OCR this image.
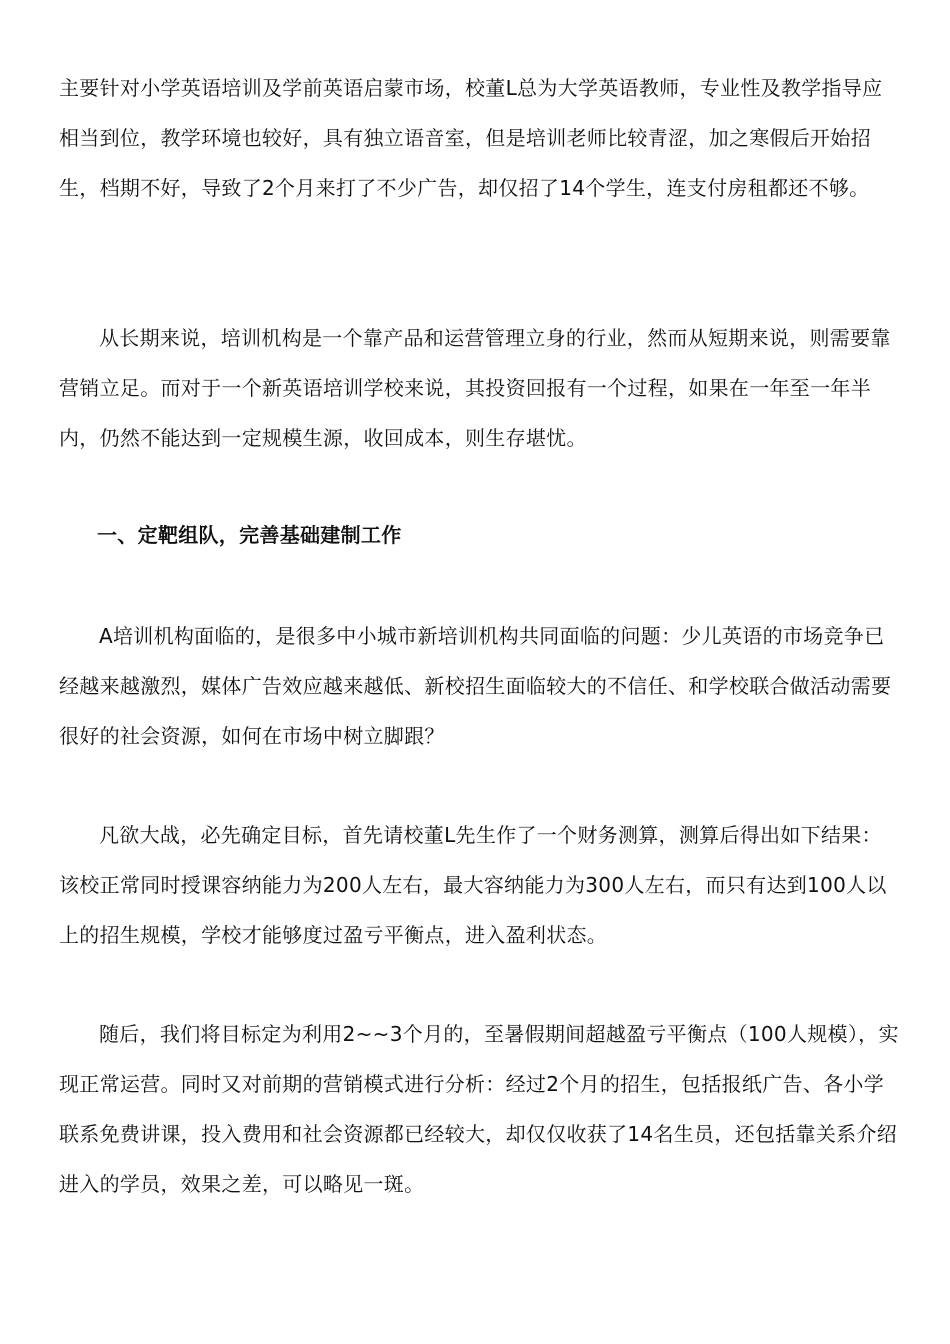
主要针对小学英语培训及学前英语启蒙市场，校董L总为大学英语教师，专业性及教学指导应相当到位，教学环境也较好，具有独立语音室，但是培训老师比较青涩，加之寒假后开始招生，档期不好，导致了2个月来打了不少广告，却仅招了14个学生，连支付房租都还不够。
从长期来说，培训机构是一个靠产品和运营管理立身的行业，然而从短期来说，则需要靠营销立足。而对于一个新英语培训学校来说，其投资回报有一个过程，如果在一年至一年半内，仍然不能达到一定规模生源，收回成本，则生存堪忧。
一、定靶组队，完善基础建制工作
A培训机构面临的，是很多中小城市新培训机构共同面临的问题：少儿英语的市场竞争已经越来越激烈，媒体广告效应越来越低、新校招生面临较大的不信任、和学校联合做活动需要很好的社会资源，如何在市场中树立脚跟？
凡欲大战，必先确定目标，首先请校董L先生作了一个财务测算，测算后得出如下结果：该校正常同时授课容纳能力为200人左右，最大容纳能力为300人左右，而只有达到100人以上的招生规模，学校才能够度过盈亏平衡点，进入盈利状态。
随后，我们将目标定为利用2~~3个月的，至暑假期间超越盈亏平衡点（100人规模），实现正常运营。同时又对前期的营销模式进行分析：经过2个月的招生，包括报纸广告、各小学联系免费讲课，投入费用和社会资源都已经较大，却仅仅收获了14名生员，还包括靠关系介绍进入的学员，效果之差，可以略见一斑。
